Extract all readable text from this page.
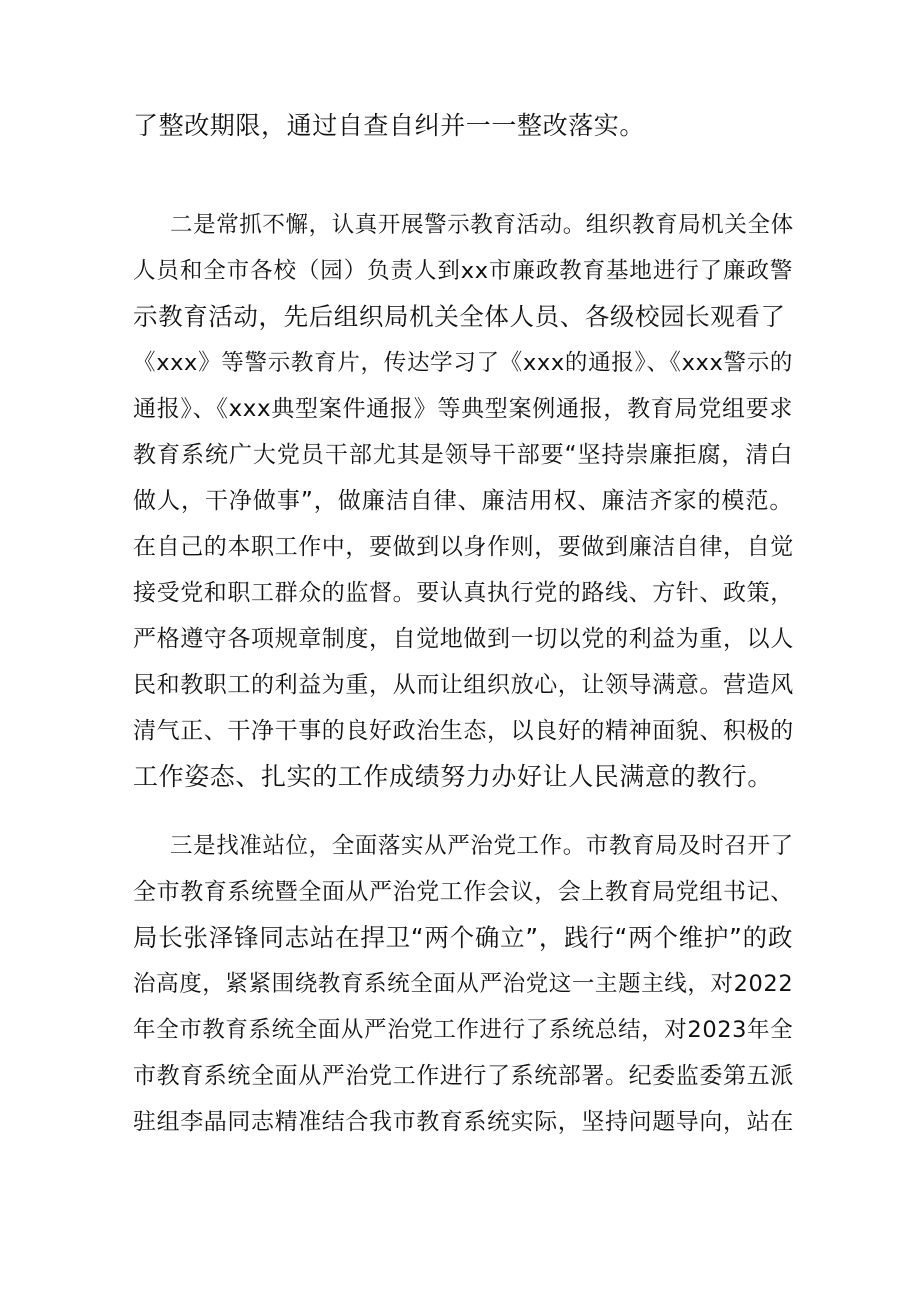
了整改期限，通过自查自纠并一一整改落实。
二是常抓不懈，认真开展警示教育活动。组织教育局机关全体
人员和全市各校（园）负责人到xx市廉政教育基地进行了廉政警
示教育活动，先后组织局机关全体人员、各级校园长观看了
《xxx》等警示教育片，传达学习了《xxx的通报》、《xxx警示的
通报》、《xxx典型案件通报》等典型案例通报，教育局党组要求
教育系统广大党员干部尤其是领导干部要“坚持崇廉拒腐，清白
做人，干净做事”，做廉洁自律、廉洁用权、廉洁齐家的模范。
在自己的本职工作中，要做到以身作则，要做到廉洁自律，自觉
接受党和职工群众的监督。要认真执行党的路线、方针、政策，
严格遵守各项规章制度，自觉地做到一切以党的利益为重，以人
民和教职工的利益为重，从而让组织放心，让领导满意。营造风
清气正、干净干事的良好政治生态，以良好的精神面貌、积极的
工作姿态、扎实的工作成绩努力办好让人民满意的教行。
三是找准站位，全面落实从严治党工作。市教育局及时召开了
全市教育系统暨全面从严治党工作会议，会上教育局党组书记、
局长张泽锋同志站在捍卫“两个确立”，践行“两个维护”的政
治高度，紧紧围绕教育系统全面从严治党这一主题主线，对2022
年全市教育系统全面从严治党工作进行了系统总结，对2023年全
市教育系统全面从严治党工作进行了系统部署。纪委监委第五派
驻组李晶同志精准结合我市教育系统实际，坚持问题导向，站在
